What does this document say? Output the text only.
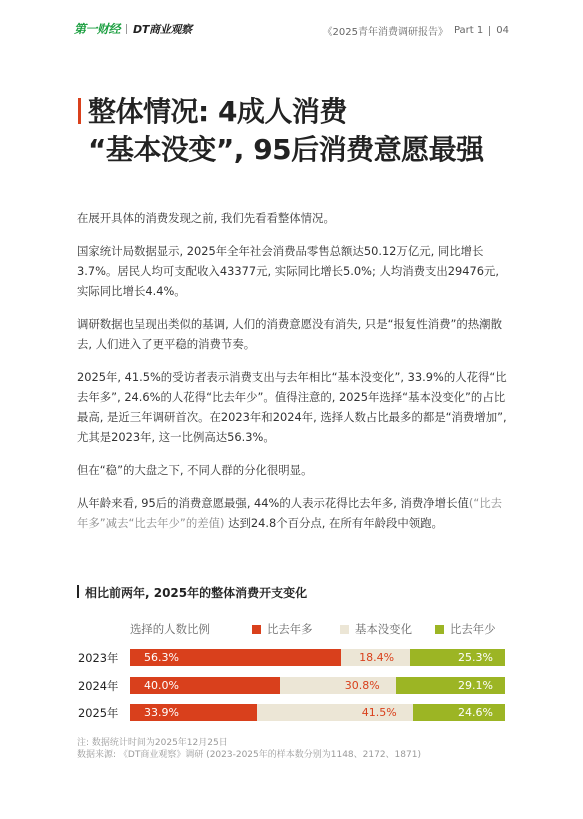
第一财经 DT商业观察	《2025青年消费调研报告》 Part 1 04
整体情况: 4成人消费
“基本没变”, 95后消费意愿最强

在展开具体的消费发现之前, 我们先看看整体情况。

国家统计局数据显示, 2025年全年社会消费品零售总额达50.12万亿元, 同比增长3.7%。居民人均可支配收入43377元, 实际同比增长5.0%; 人均消费支出29476元, 实际同比增长4.4%。

调研数据也呈现出类似的基调, 人们的消费意愿没有消失, 只是“报复性消费”的热潮散去, 人们进入了更平稳的消费节奏。

2025年, 41.5%的受访者表示消费支出与去年相比“基本没变化”, 33.9%的人花得“比去年多”, 24.6%的人花得“比去年少”。值得注意的, 2025年选择“基本没变化”的占比最高, 是近三年调研首次。在2023年和2024年, 选择人数占比最多的都是“消费增加”, 尤其是2023年, 这一比例高达56.3%。

但在“稳”的大盘之下, 不同人群的分化很明显。

从年龄来看, 95后的消费意愿最强, 44%的人表示花得比去年多, 消费净增长值(“比去年多”减去“比去年少”的差值) 达到24.8个百分点, 在所有年龄段中领跑。

相比前两年, 2025年的整体消费开支变化
选择的人数比例	比去年多	基本没变化	比去年少
2023年 56.3%	18.4%	25.3%
2024年 40.0%	30.8%	29.1%
2025年 33.9%	41.5%	24.6%
注: 数据统计时间为2025年12月25日
数据来源: 《DT商业观察》调研 (2023-2025年的样本数分别为1148、2172、1871)
